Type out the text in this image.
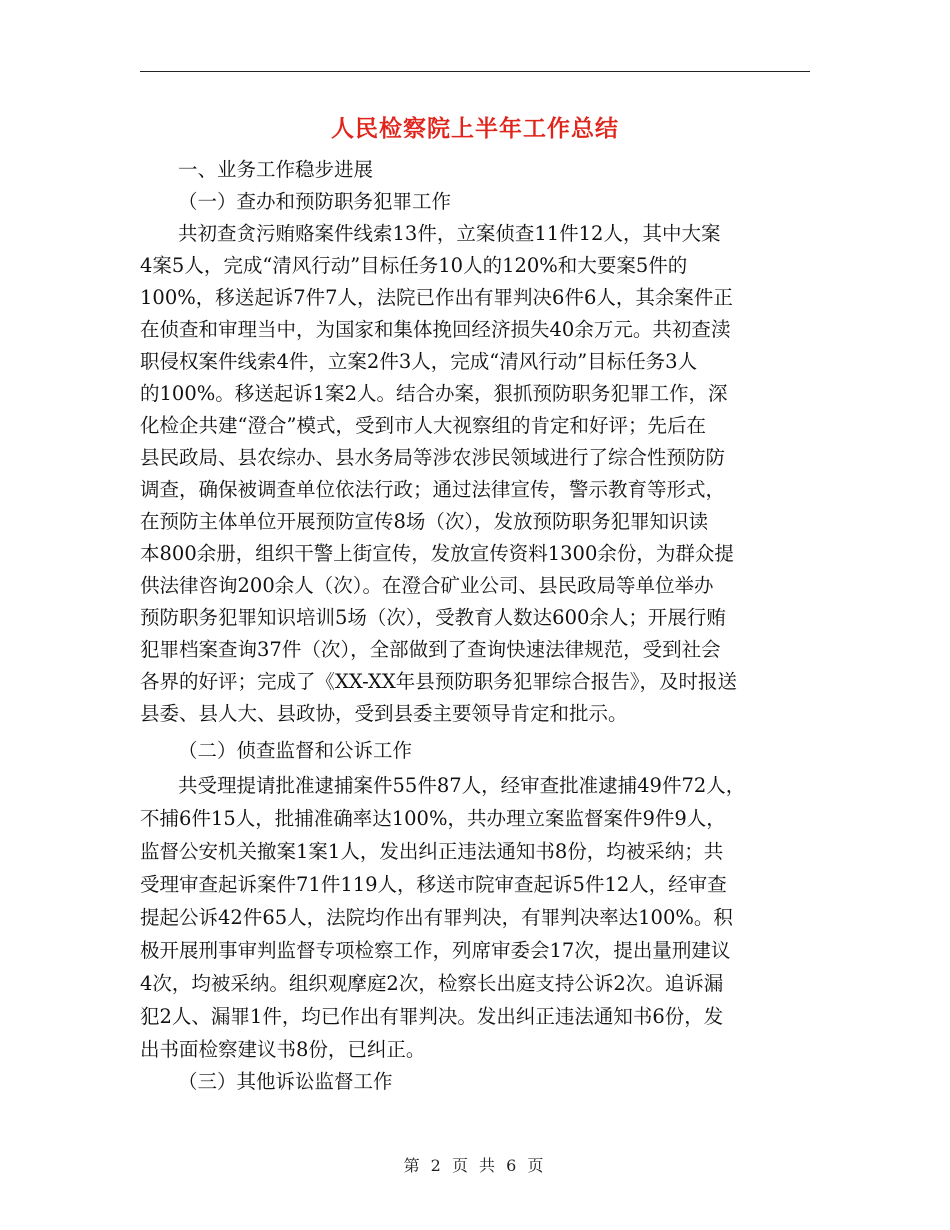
人民检察院上半年工作总结

一、业务工作稳步进展

（一）查办和预防职务犯罪工作

共初查贪污贿赂案件线索13件，立案侦查11件12人，其中大案

4案5人，完成“清风行动”目标任务10人的120%和大要案5件的

100%，移送起诉7件7人，法院已作出有罪判决6件6人，其余案件正

在侦查和审理当中，为国家和集体挽回经济损失40余万元。共初查渎

职侵权案件线索4件，立案2件3人，完成“清风行动”目标任务3人

的100%。移送起诉1案2人。结合办案，狠抓预防职务犯罪工作，深

化检企共建“澄合”模式，受到市人大视察组的肯定和好评；先后在

县民政局、县农综办、县水务局等涉农涉民领域进行了综合性预防防

调查，确保被调查单位依法行政；通过法律宣传，警示教育等形式，

在预防主体单位开展预防宣传8场（次），发放预防职务犯罪知识读

本800余册，组织干警上街宣传，发放宣传资料1300余份，为群众提

供法律咨询200余人（次）。在澄合矿业公司、县民政局等单位举办

预防职务犯罪知识培训5场（次），受教育人数达600余人；开展行贿

犯罪档案查询37件（次），全部做到了查询快速法律规范，受到社会

各界的好评；完成了《XX-XX年县预防职务犯罪综合报告》，及时报送

县委、县人大、县政协，受到县委主要领导肯定和批示。

（二）侦查监督和公诉工作

共受理提请批准逮捕案件55件87人，经审查批准逮捕49件72人，

不捕6件15人，批捕准确率达100%，共办理立案监督案件9件9人，

监督公安机关撤案1案1人，发出纠正违法通知书8份，均被采纳；共

受理审查起诉案件71件119人，移送市院审查起诉5件12人，经审查

提起公诉42件65人，法院均作出有罪判决，有罪判决率达100%。积

极开展刑事审判监督专项检察工作，列席审委会17次，提出量刑建议

4次，均被采纳。组织观摩庭2次，检察长出庭支持公诉2次。追诉漏

犯2人、漏罪1件，均已作出有罪判决。发出纠正违法通知书6份，发

出书面检察建议书8份，已纠正。

（三）其他诉讼监督工作

第 2 页 共 6 页
